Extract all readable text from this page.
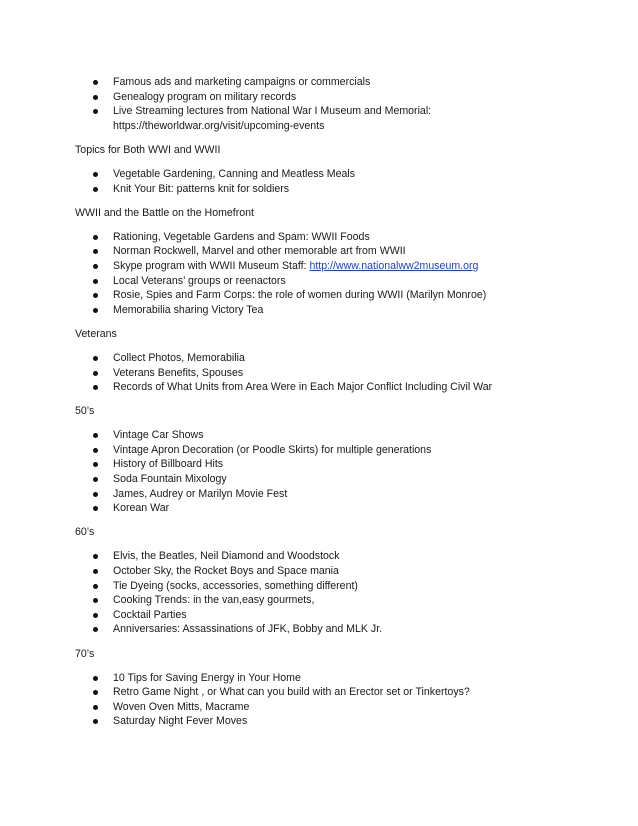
Famous ads and marketing campaigns or commercials
Genealogy program on military records
Live Streaming lectures from National War I Museum and Memorial:
https://theworldwar.org/visit/upcoming-events

Topics for Both WWI and WWII

Vegetable Gardening, Canning and Meatless Meals
Knit Your Bit: patterns knit for soldiers

WWII and the Battle on the Homefront

Rationing, Vegetable Gardens and Spam: WWII Foods
Norman Rockwell, Marvel and other memorable art from WWII
Skype program with WWII Museum Staff: http://www.nationalww2museum.org
Local Veterans’ groups or reenactors
Rosie, Spies and Farm Corps: the role of women during WWII (Marilyn Monroe)
Memorabilia sharing Victory Tea

Veterans

Collect Photos, Memorabilia
Veterans Benefits, Spouses
Records of What Units from Area Were in Each Major Conflict Including Civil War

50’s

Vintage Car Shows
Vintage Apron Decoration (or Poodle Skirts) for multiple generations
History of Billboard Hits
Soda Fountain Mixology
James, Audrey or Marilyn Movie Fest
Korean War

60’s

Elvis, the Beatles, Neil Diamond and Woodstock
October Sky, the Rocket Boys and Space mania
Tie Dyeing (socks, accessories, something different)
Cooking Trends: in the van,easy gourmets,
Cocktail Parties
Anniversaries: Assassinations of JFK, Bobby and MLK Jr.

70’s

10 Tips for Saving Energy in Your Home
Retro Game Night , or What can you build with an Erector set or Tinkertoys?
Woven Oven Mitts, Macrame
Saturday Night Fever Moves
